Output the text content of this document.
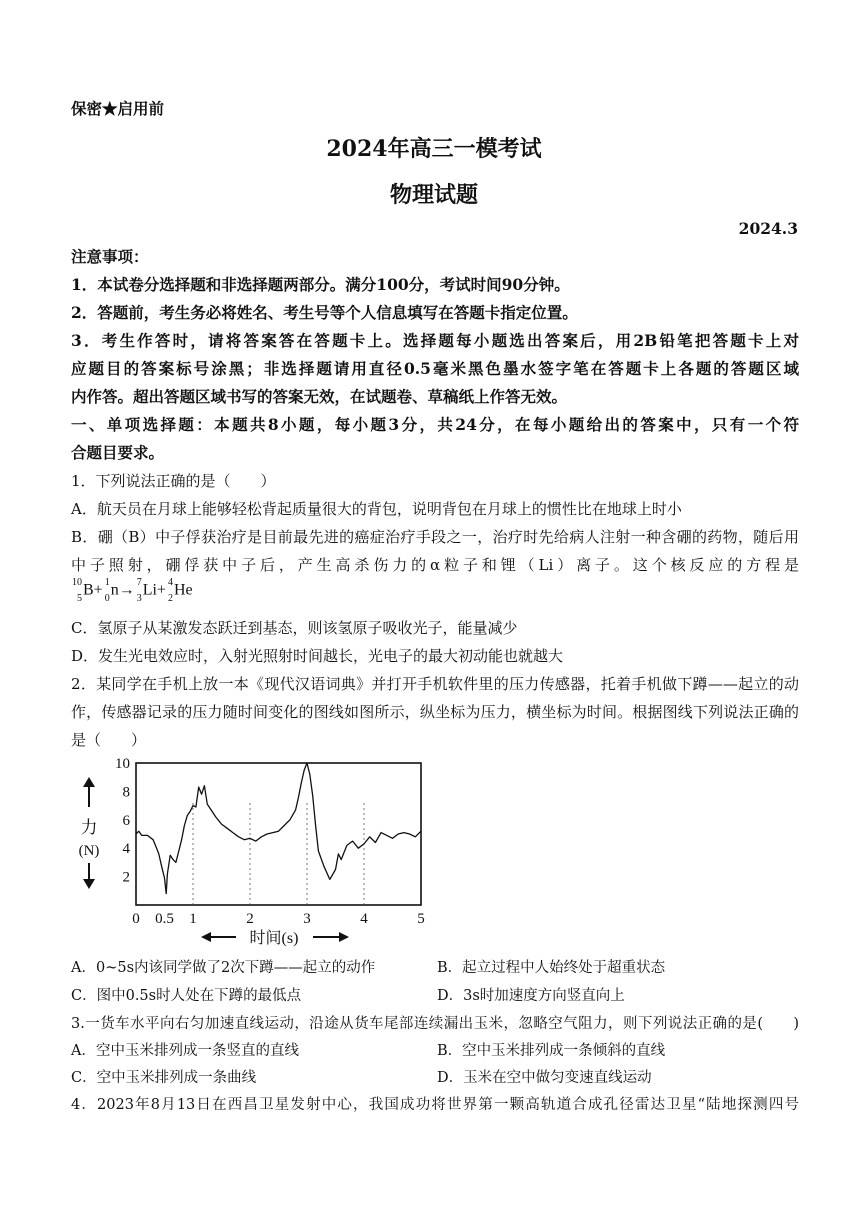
保密★启用前
2024年高三一模考试
物理试题
2024.3
注意事项：
1．本试卷分选择题和非选择题两部分。满分100分，考试时间90分钟。
2．答题前，考生务必将姓名、考生号等个人信息填写在答题卡指定位置。
3．考生作答时，请将答案答在答题卡上。选择题每小题选出答案后，用2B铅笔把答题卡上对
应题目的答案标号涂黑；非选择题请用直径0.5毫米黑色墨水签字笔在答题卡上各题的答题区域
内作答。超出答题区域书写的答案无效，在试题卷、草稿纸上作答无效。
一、单项选择题：本题共8小题，每小题3分，共24分，在每小题给出的答案中，只有一个符
合题目要求。
1．下列说法正确的是（　　）
A．航天员在月球上能够轻松背起质量很大的背包，说明背包在月球上的惯性比在地球上时小
B．硼（B）中子俘获治疗是目前最先进的癌症治疗手段之一，治疗时先给病人注射一种含硼的药物，随后用
中子照射，硼俘获中子后，产生高杀伤力的α粒子和锂（Li）离子。这个核反应的方程是
10
5 B+ 1
0 n→ 7
3 Li+ 4
2 He
C．氢原子从某激发态跃迁到基态，则该氢原子吸收光子，能量减少
D．发生光电效应时，入射光照射时间越长，光电子的最大初动能也就越大
2．某同学在手机上放一本《现代汉语词典》并打开手机软件里的压力传感器，托着手机做下蹲——起立的动
作，传感器记录的压力随时间变化的图线如图所示，纵坐标为压力，横坐标为时间。根据图线下列说法正确的
是（　　）
0 0.5 1	2	3	4	5
2
4
6
8
10
力
(N)
时间(s)
A．0~5s内该同学做了2次下蹲——起立的动作	B．起立过程中人始终处于超重状态
C．图中0.5s时人处在下蹲的最低点	D．3s时加速度方向竖直向上
3.一货车水平向右匀加速直线运动，沿途从货车尾部连续漏出玉米，忽略空气阻力，则下列说法正确的是(　　)
A．空中玉米排列成一条竖直的直线	B．空中玉米排列成一条倾斜的直线
C．空中玉米排列成一条曲线	D．玉米在空中做匀变速直线运动
4．2023年8月13日在西昌卫星发射中心，我国成功将世界第一颗高轨道合成孔径雷达卫星“陆地探测四号
